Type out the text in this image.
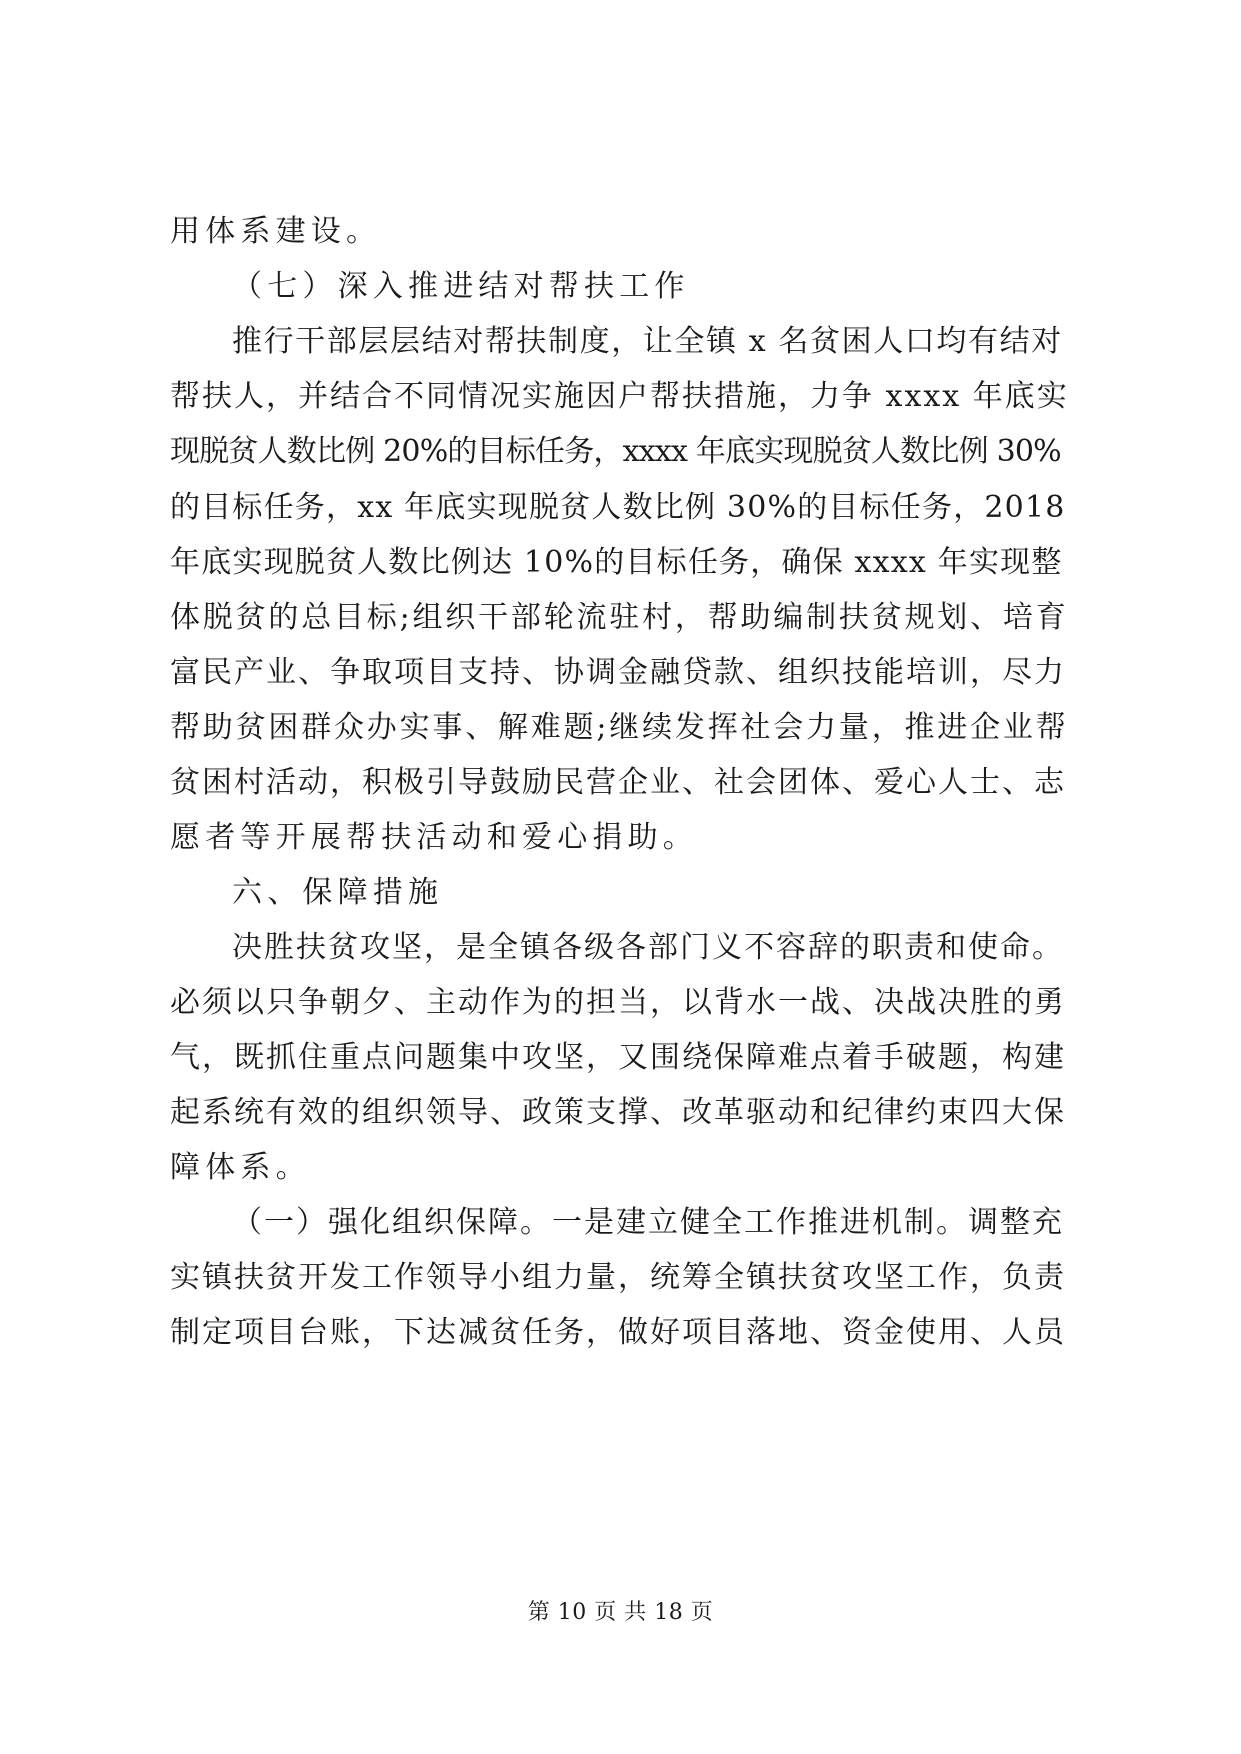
用体系建设。
（七）深入推进结对帮扶工作
推行干部层层结对帮扶制度，让全镇 x 名贫困人口均有结对
帮扶人，并结合不同情况实施因户帮扶措施，力争 xxxx 年底实
现脱贫人数比例 20%的目标任务，xxxx 年底实现脱贫人数比例 30%
的目标任务，xx 年底实现脱贫人数比例 30%的目标任务，2018
年底实现脱贫人数比例达 10%的目标任务，确保 xxxx 年实现整
体脱贫的总目标;组织干部轮流驻村，帮助编制扶贫规划、培育
富民产业、争取项目支持、协调金融贷款、组织技能培训，尽力
帮助贫困群众办实事、解难题;继续发挥社会力量，推进企业帮
贫困村活动，积极引导鼓励民营企业、社会团体、爱心人士、志
愿者等开展帮扶活动和爱心捐助。
六、保障措施
决胜扶贫攻坚，是全镇各级各部门义不容辞的职责和使命。
必须以只争朝夕、主动作为的担当，以背水一战、决战决胜的勇
气，既抓住重点问题集中攻坚，又围绕保障难点着手破题，构建
起系统有效的组织领导、政策支撑、改革驱动和纪律约束四大保
障体系。
（一）强化组织保障。一是建立健全工作推进机制。调整充
实镇扶贫开发工作领导小组力量，统筹全镇扶贫攻坚工作，负责
制定项目台账，下达减贫任务，做好项目落地、资金使用、人员
第 10 页 共 18 页
